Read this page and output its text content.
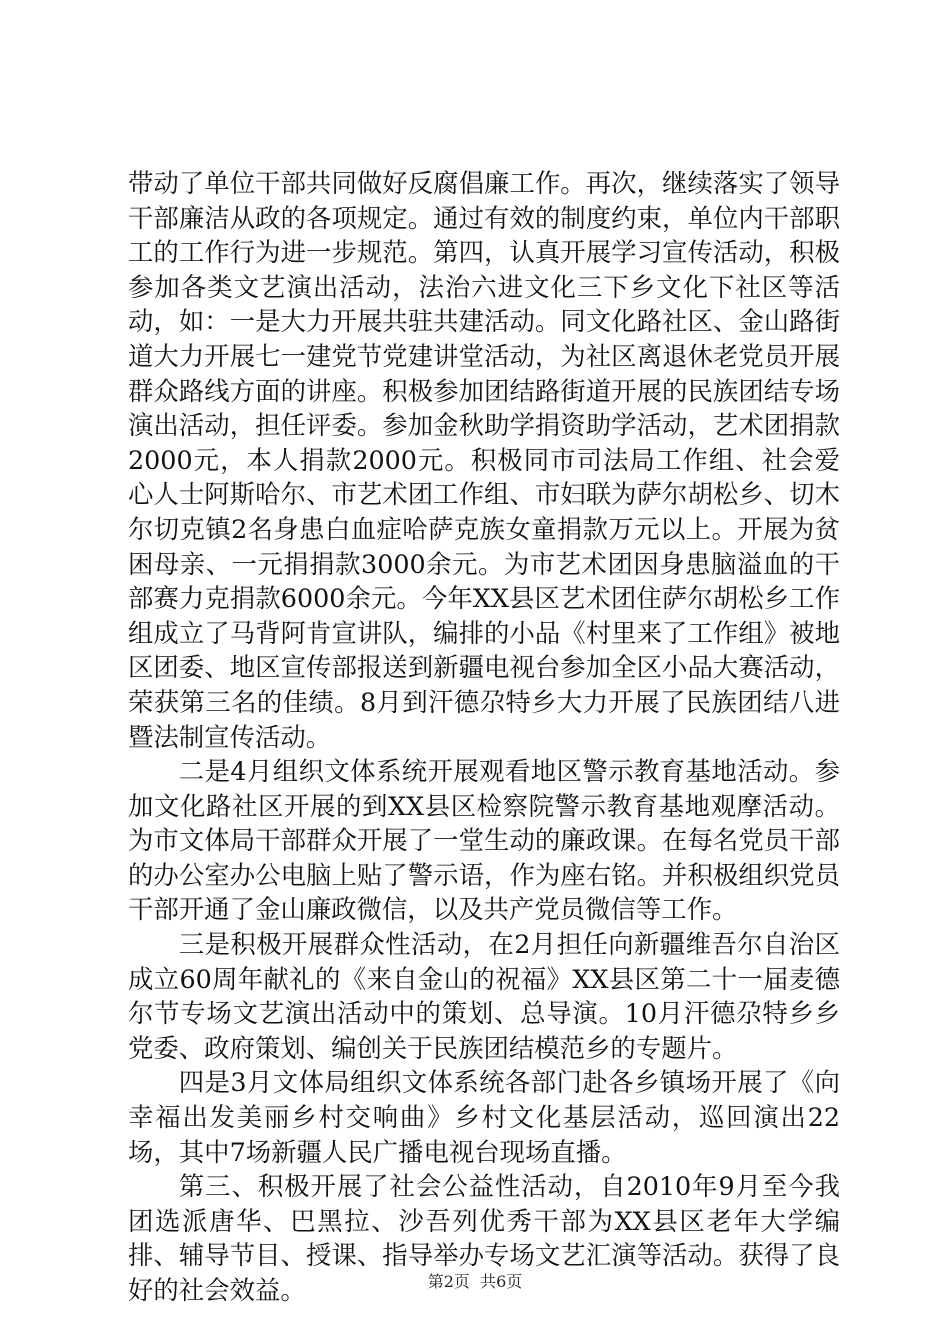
带动了单位干部共同做好反腐倡廉工作。再次，继续落实了领导干部廉洁从政的各项规定。通过有效的制度约束，单位内干部职工的工作行为进一步规范。第四，认真开展学习宣传活动，积极参加各类文艺演出活动，法治六进文化三下乡文化下社区等活动，如：一是大力开展共驻共建活动。同文化路社区、金山路街道大力开展七一建党节党建讲堂活动，为社区离退休老党员开展群众路线方面的讲座。积极参加团结路街道开展的民族团结专场演出活动，担任评委。参加金秋助学捐资助学活动，艺术团捐款2000元，本人捐款2000元。积极同市司法局工作组、社会爱心人士阿斯哈尔、市艺术团工作组、市妇联为萨尔胡松乡、切木尔切克镇2名身患白血症哈萨克族女童捐款万元以上。开展为贫困母亲、一元捐捐款3000余元。为市艺术团因身患脑溢血的干部赛力克捐款6000余元。今年XX县区艺术团住萨尔胡松乡工作组成立了马背阿肯宣讲队，编排的小品《村里来了工作组》被地区团委、地区宣传部报送到新疆电视台参加全区小品大赛活动，荣获第三名的佳绩。8月到汗德尕特乡大力开展了民族团结八进暨法制宣传活动。

二是4月组织文体系统开展观看地区警示教育基地活动。参加文化路社区开展的到XX县区检察院警示教育基地观摩活动。为市文体局干部群众开展了一堂生动的廉政课。在每名党员干部的办公室办公电脑上贴了警示语，作为座右铭。并积极组织党员干部开通了金山廉政微信，以及共产党员微信等工作。

三是积极开展群众性活动，在2月担任向新疆维吾尔自治区成立60周年献礼的《来自金山的祝福》XX县区第二十一届麦德尔节专场文艺演出活动中的策划、总导演。10月汗德尕特乡乡党委、政府策划、编创关于民族团结模范乡的专题片。

四是3月文体局组织文体系统各部门赴各乡镇场开展了《向幸福出发美丽乡村交响曲》乡村文化基层活动，巡回演出22场，其中7场新疆人民广播电视台现场直播。

第三、积极开展了社会公益性活动，自2010年9月至今我团选派唐华、巴黑拉、沙吾列优秀干部为XX县区老年大学编排、辅导节目、授课、指导举办专场文艺汇演等活动。获得了良好的社会效益。	第2页  共6页
